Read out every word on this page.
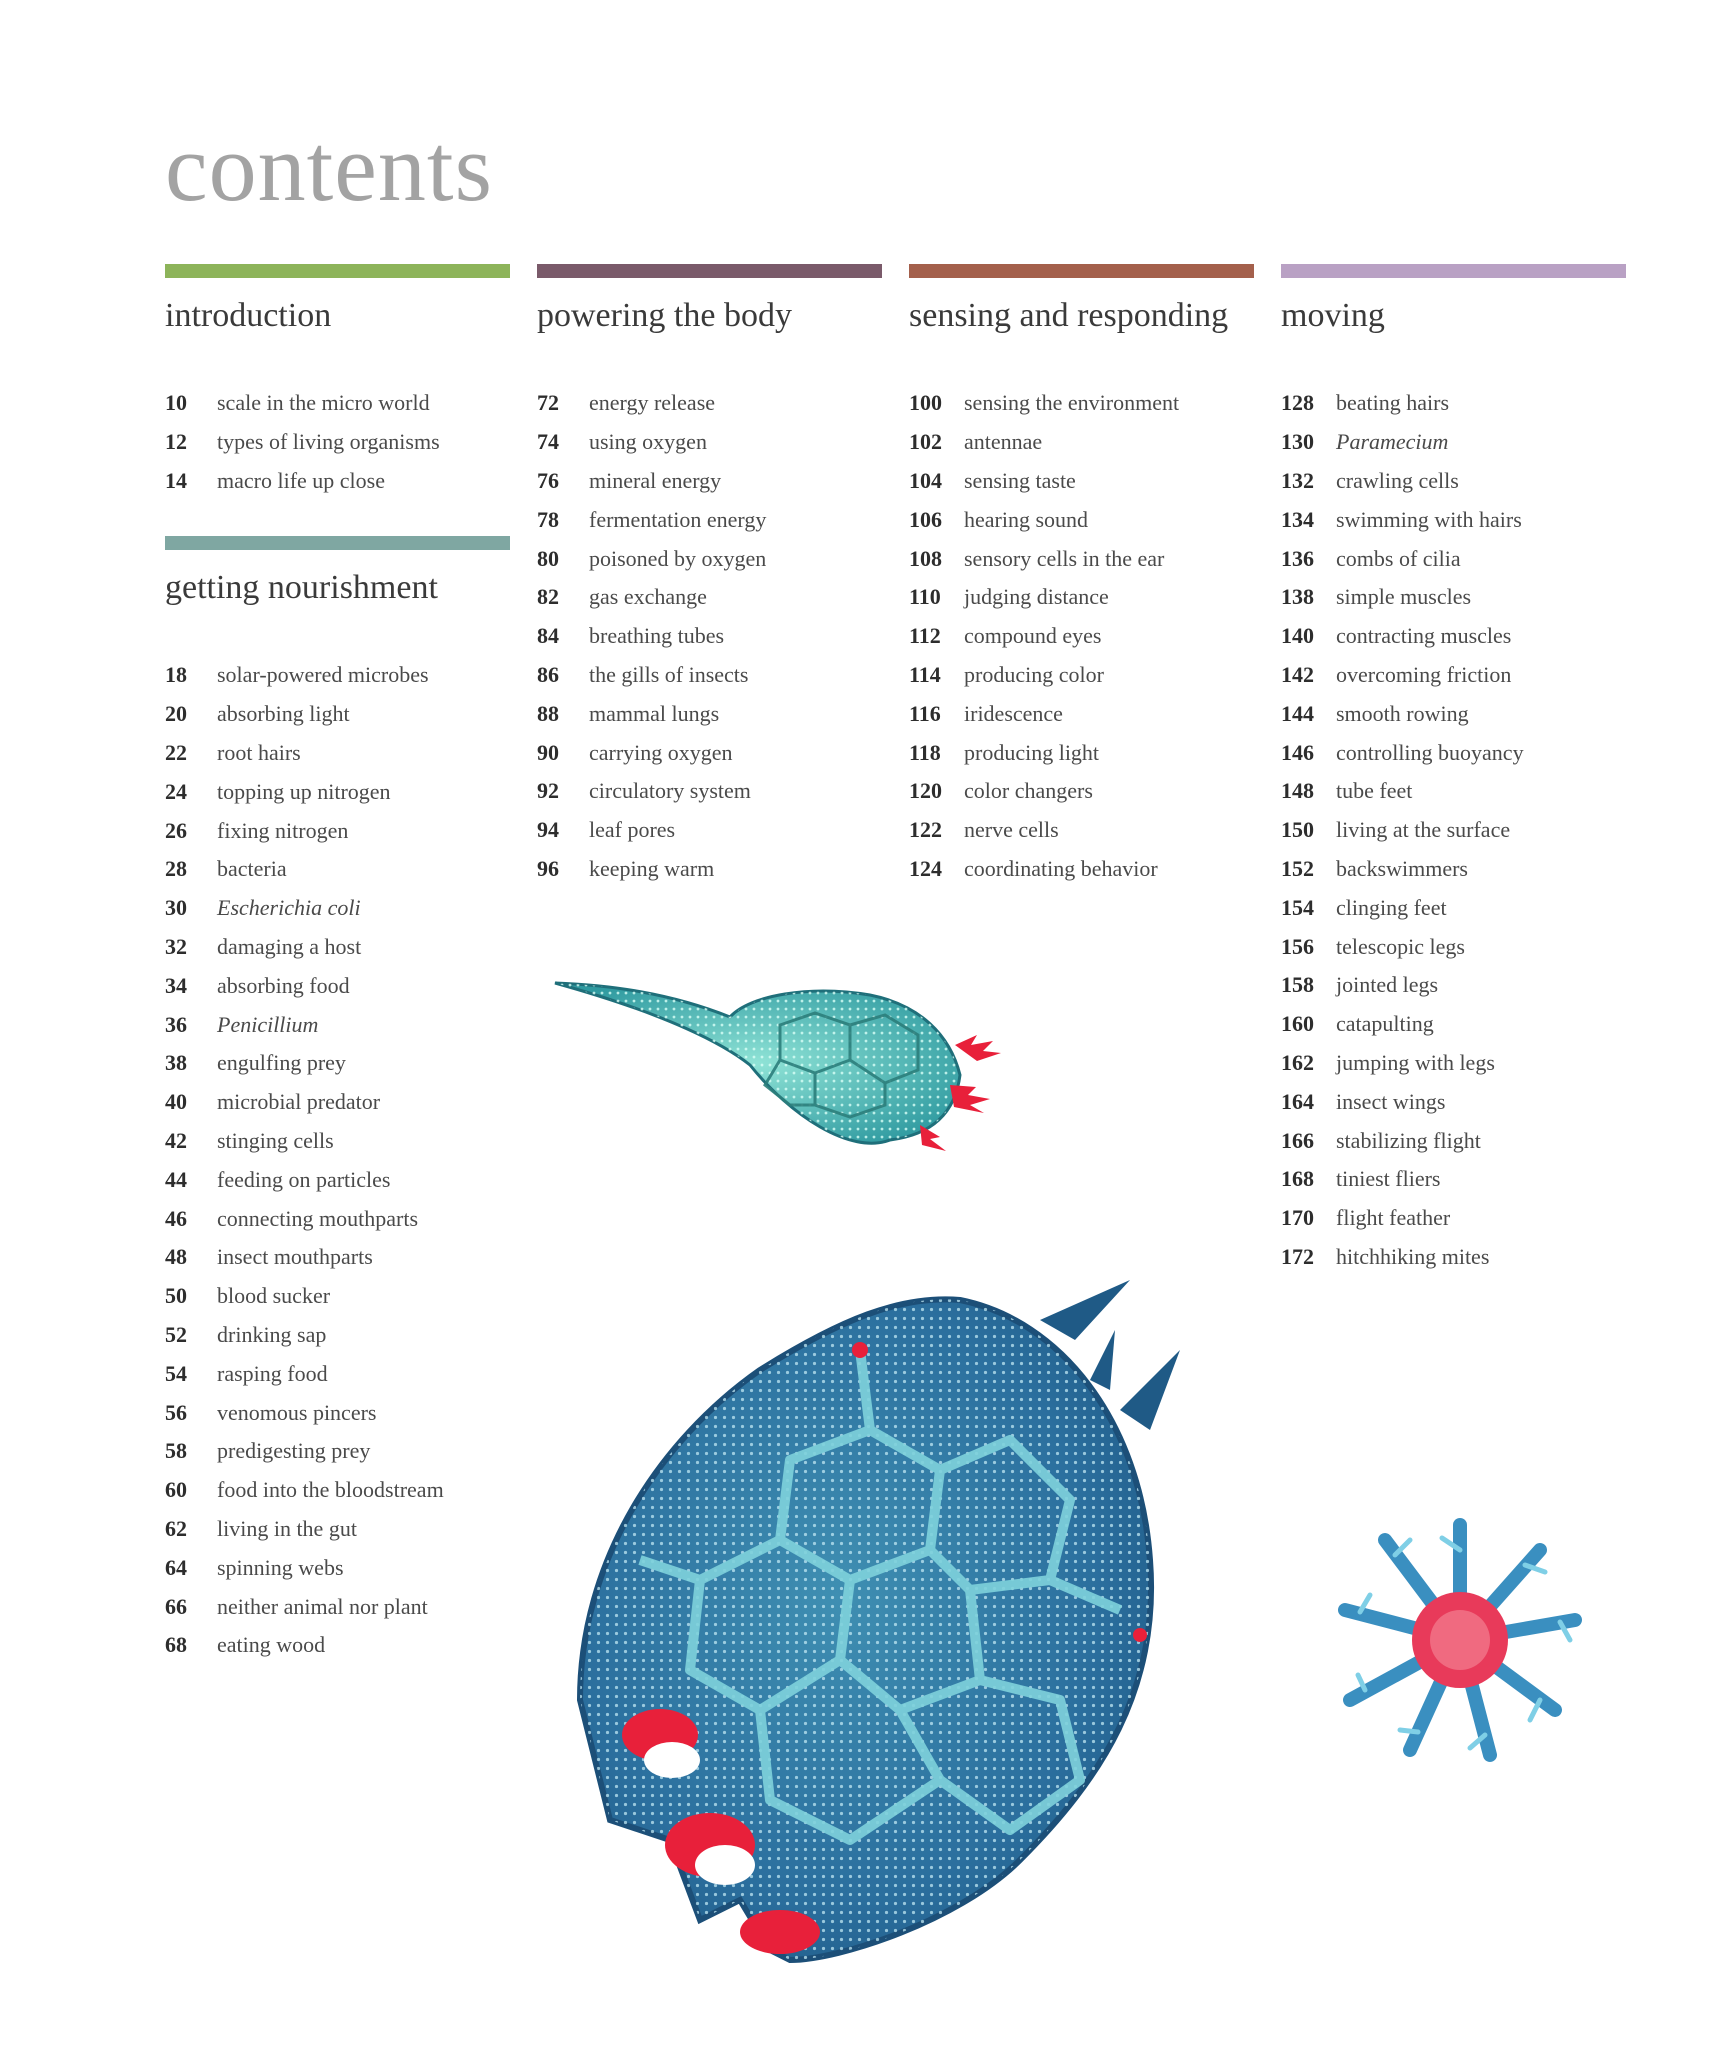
contents
introduction
10	scale in the micro world
12	types of living organisms
14	macro life up close
getting nourishment
18	solar-powered microbes
20	absorbing light
22	root hairs
24	topping up nitrogen
26	fixing nitrogen
28	bacteria
30	Escherichia coli
32	damaging a host
34	absorbing food
36	Penicillium
38	engulfing prey
40	microbial predator
42	stinging cells
44	feeding on particles
46	connecting mouthparts
48	insect mouthparts
50	blood sucker
52	drinking sap
54	rasping food
56	venomous pincers
58	predigesting prey
60	food into the bloodstream
62	living in the gut
64	spinning webs
66	neither animal nor plant
68	eating wood
powering the body
72	energy release
74	using oxygen
76	mineral energy
78	fermentation energy
80	poisoned by oxygen
82	gas exchange
84	breathing tubes
86	the gills of insects
88	mammal lungs
90	carrying oxygen
92	circulatory system
94	leaf pores
96	keeping warm
sensing and responding
100	sensing the environment
102	antennae
104	sensing taste
106	hearing sound
108	sensory cells in the ear
110	judging distance
112	compound eyes
114	producing color
116	iridescence
118	producing light
120	color changers
122	nerve cells
124	coordinating behavior
moving
128	beating hairs
130	Paramecium
132	crawling cells
134	swimming with hairs
136	combs of cilia
138	simple muscles
140	contracting muscles
142	overcoming friction
144	smooth rowing
146	controlling buoyancy
148	tube feet
150	living at the surface
152	backswimmers
154	clinging feet
156	telescopic legs
158	jointed legs
160	catapulting
162	jumping with legs
164	insect wings
166	stabilizing flight
168	tiniest fliers
170	flight feather
172	hitchhiking mites
